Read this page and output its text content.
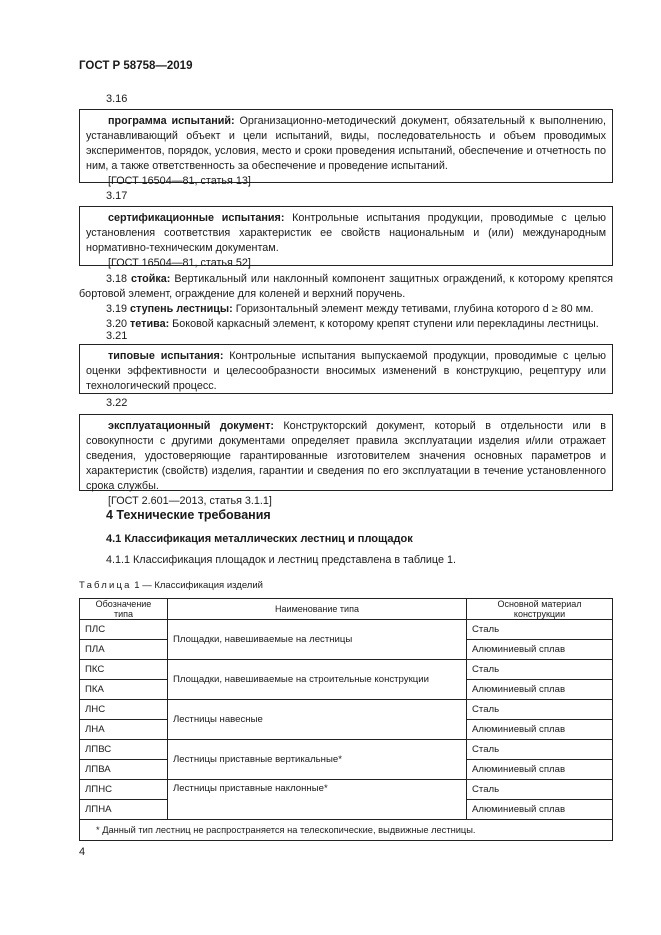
ГОСТ Р 58758—2019
3.16

программа испытаний: Организационно-методический документ, обязательный к выполнению, устанавливающий объект и цели испытаний, виды, последовательность и объем проводимых экспериментов, порядок, условия, место и сроки проведения испытаний, обеспечение и отчетность по ним, а также ответственность за обеспечение и проведение испытаний.

[ГОСТ 16504—81, статья 13]
3.17

сертификационные испытания: Контрольные испытания продукции, проводимые с целью установления соответствия характеристик ее свойств национальным и (или) международным нормативно-техническим документам.

[ГОСТ 16504—81, статья 52]
3.18 стойка: Вертикальный или наклонный компонент защитных ограждений, к которому крепятся бортовой элемент, ограждение для коленей и верхний поручень.
3.19 ступень лестницы: Горизонтальный элемент между тетивами, глубина которого d ≥ 80 мм.
3.20 тетива: Боковой каркасный элемент, к которому крепят ступени или перекладины лестницы.
3.21

типовые испытания: Контрольные испытания выпускаемой продукции, проводимые с целью оценки эффективности и целесообразности вносимых изменений в конструкцию, рецептуру или технологический процесс.

3.22

эксплуатационный документ: Конструкторский документ, который в отдельности или в совокупности с другими документами определяет правила эксплуатации изделия и/или отражает сведения, удостоверяющие гарантированные изготовителем значения основных параметров и характеристик (свойств) изделия, гарантии и сведения по его эксплуатации в течение установленного срока службы.

[ГОСТ 2.601—2013, статья 3.1.1]
4 Технические требования
4.1 Классификация металлических лестниц и площадок
4.1.1 Классификация площадок и лестниц представлена в таблице 1.
Таблица 1 — Классификация изделий
Обозначение типа	Наименование типа	Основной материал конструкции
ПЛС	Площадки, навешиваемые на лестницы	Сталь
ПЛА		Алюминиевый сплав
ПКС	Площадки, навешиваемые на строительные конструкции	Сталь
ПКА		Алюминиевый сплав
ЛНС	Лестницы навесные	Сталь
ЛНА		Алюминиевый сплав
ЛПВС	Лестницы приставные вертикальные*	Сталь
ЛПВА		Алюминиевый сплав
ЛПНС	Лестницы приставные наклонные*	Сталь
ЛПНА		Алюминиевый сплав
* Данный тип лестниц не распространяется на телескопические, выдвижные лестницы.		
4
